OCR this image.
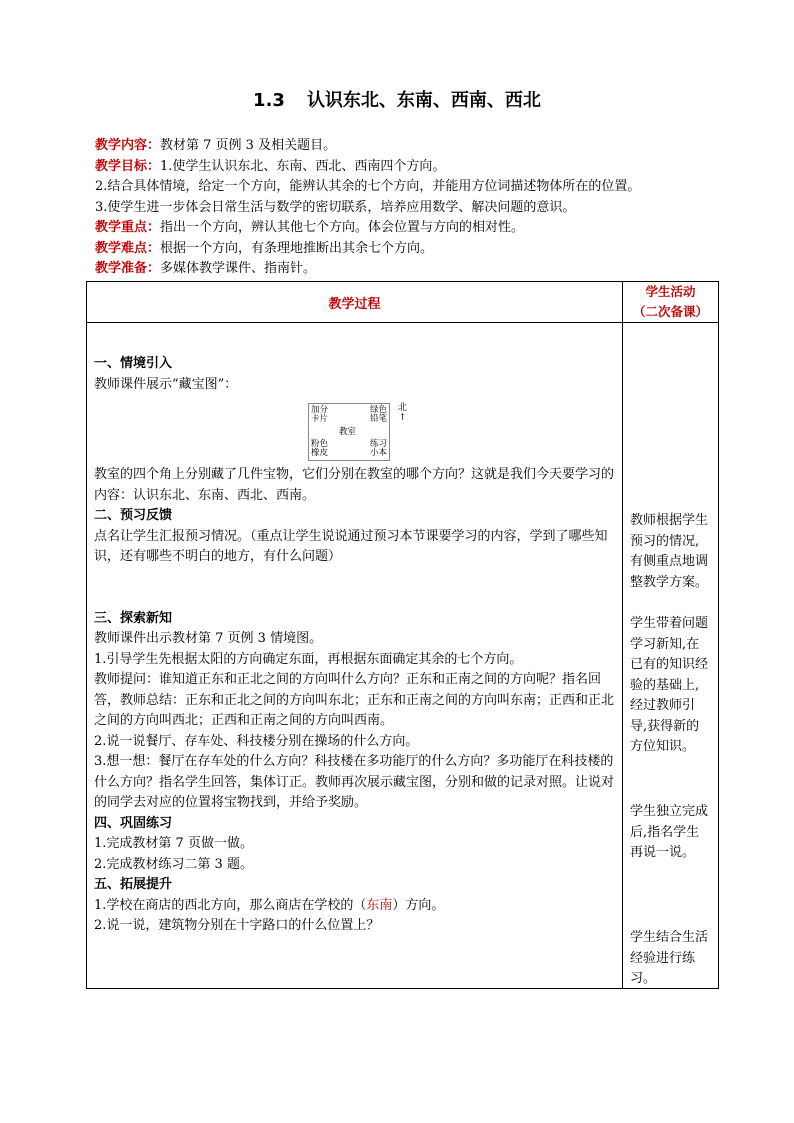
1.3 认识东北、东南、西南、西北
教学内容：教材第 7 页例 3 及相关题目。
教学目标：1.使学生认识东北、东南、西北、西南四个方向。
2.结合具体情境，给定一个方向，能辨认其余的七个方向，并能用方位词描述物体所在的位置。
3.使学生进一步体会日常生活与数学的密切联系，培养应用数学、解决问题的意识。
教学重点：指出一个方向，辨认其他七个方向。体会位置与方向的相对性。
教学难点：根据一个方向，有条理地推断出其余七个方向。
教学准备：多媒体教学课件、指南针。
教学过程	学生活动
（二次备课）

一、情境引入

教师课件展示“藏宝图”：

加分
卡片
绿色
铅笔
教室
粉色
橡皮
练习
小本
北
↑

教室的四个角上分别藏了几件宝物，它们分别在教室的哪个方向？这就是我们今天要学习的内容：认识东北、东南、西北、西南。

二、预习反馈

点名让学生汇报预习情况。（重点让学生说说通过预习本节课要学习的内容，学到了哪些知识，还有哪些不明白的地方，有什么问题）

三、探索新知

教师课件出示教材第 7 页例 3 情境图。

1.引导学生先根据太阳的方向确定东面，再根据东面确定其余的七个方向。

教师提问：谁知道正东和正北之间的方向叫什么方向？正东和正南之间的方向呢？指名回答，教师总结：正东和正北之间的方向叫东北；正东和正南之间的方向叫东南；正西和正北之间的方向叫西北；正西和正南之间的方向叫西南。

2.说一说餐厅、存车处、科技楼分别在操场的什么方向。

3.想一想：餐厅在存车处的什么方向？科技楼在多功能厅的什么方向？多功能厅在科技楼的什么方向？指名学生回答，集体订正。教师再次展示藏宝图，分别和做的记录对照。让说对的同学去对应的位置将宝物找到，并给予奖励。

四、巩固练习

1.完成教材第 7 页做一做。

2.完成教材练习二第 3 题。

五、拓展提升

1.学校在商店的西北方向，那么商店在学校的（东南）方向。

2.说一说，建筑物分别在十字路口的什么位置上？

教师根据学生预习的情况,有侧重点地调整教学方案。
学生带着问题学习新知,在已有的知识经验的基础上,经过教师引导,获得新的方位知识。
学生独立完成后,指名学生再说一说。
学生结合生活经验进行练习。
